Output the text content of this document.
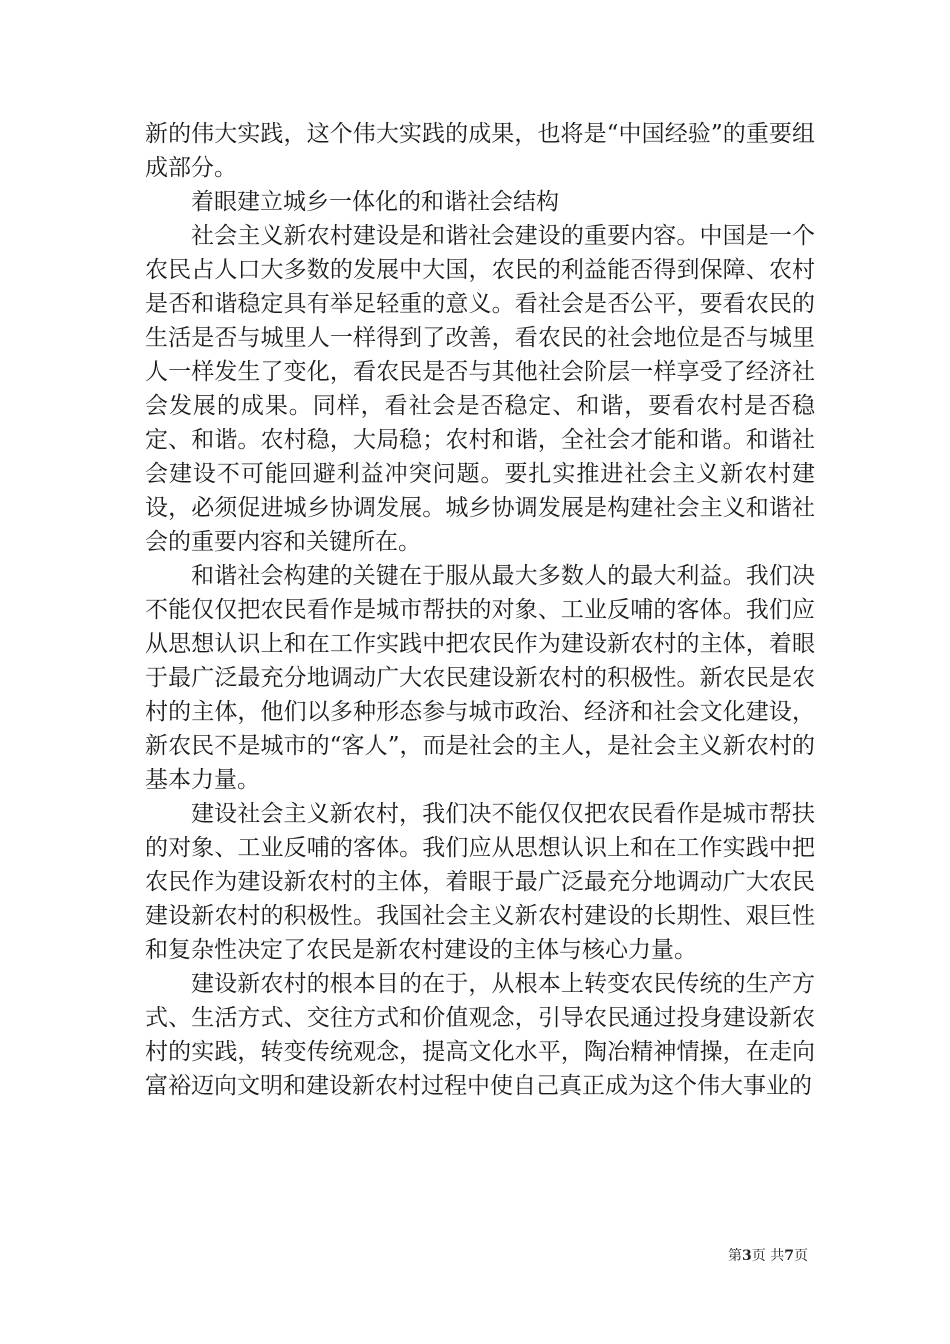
新的伟大实践，这个伟大实践的成果，也将是“中国经验”的重要组成部分。

着眼建立城乡一体化的和谐社会结构

社会主义新农村建设是和谐社会建设的重要内容。中国是一个农民占人口大多数的发展中大国，农民的利益能否得到保障、农村是否和谐稳定具有举足轻重的意义。看社会是否公平，要看农民的生活是否与城里人一样得到了改善，看农民的社会地位是否与城里人一样发生了变化，看农民是否与其他社会阶层一样享受了经济社会发展的成果。同样，看社会是否稳定、和谐，要看农村是否稳定、和谐。农村稳，大局稳；农村和谐，全社会才能和谐。和谐社会建设不可能回避利益冲突问题。要扎实推进社会主义新农村建设，必须促进城乡协调发展。城乡协调发展是构建社会主义和谐社会的重要内容和关键所在。

和谐社会构建的关键在于服从最大多数人的最大利益。我们决不能仅仅把农民看作是城市帮扶的对象、工业反哺的客体。我们应从思想认识上和在工作实践中把农民作为建设新农村的主体，着眼于最广泛最充分地调动广大农民建设新农村的积极性。新农民是农村的主体，他们以多种形态参与城市政治、经济和社会文化建设，新农民不是城市的“客人”，而是社会的主人，是社会主义新农村的基本力量。

建设社会主义新农村，我们决不能仅仅把农民看作是城市帮扶的对象、工业反哺的客体。我们应从思想认识上和在工作实践中把农民作为建设新农村的主体，着眼于最广泛最充分地调动广大农民建设新农村的积极性。我国社会主义新农村建设的长期性、艰巨性和复杂性决定了农民是新农村建设的主体与核心力量。

建设新农村的根本目的在于，从根本上转变农民传统的生产方式、生活方式、交往方式和价值观念，引导农民通过投身建设新农村的实践，转变传统观念，提高文化水平，陶冶精神情操，在走向富裕迈向文明和建设新农村过程中使自己真正成为这个伟大事业的

第3页 共7页
